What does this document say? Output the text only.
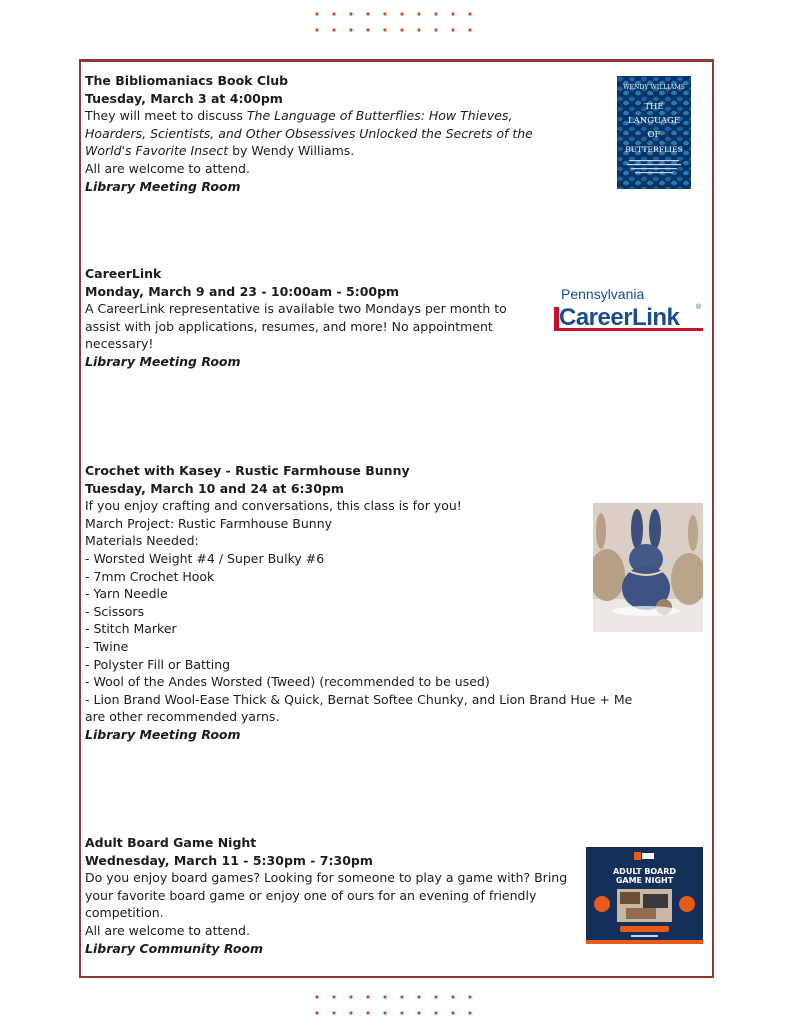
The Bibliomaniacs Book Club

Tuesday, March 3 at 4:00pm

They will meet to discuss The Language of Butterflies: How Thieves,

Hoarders, Scientists, and Other Obsessives Unlocked the Secrets of the

World's Favorite Insect by Wendy Williams.

All are welcome to attend.

Library Meeting Room

WENDY WILLIAMS
THE
LANGUAGE
OF
BUTTERFLIES

CareerLink

Monday, March 9 and 23 - 10:00am - 5:00pm

A CareerLink representative is available two Mondays per month to

assist with job applications, resumes, and more! No appointment

necessary!

Library Meeting Room

Pennsylvania
CareerLink ®

Crochet with Kasey - Rustic Farmhouse Bunny

Tuesday, March 10 and 24 at 6:30pm

If you enjoy crafting and conversations, this class is for you!

March Project: Rustic Farmhouse Bunny

Materials Needed:

- Worsted Weight #4 / Super Bulky #6

- 7mm Crochet Hook

- Yarn Needle

- Scissors

- Stitch Marker

- Twine

- Polyster Fill or Batting

- Wool of the Andes Worsted (Tweed) (recommended to be used)

- Lion Brand Wool-Ease Thick & Quick, Bernat Softee Chunky, and Lion Brand Hue + Me

are other recommended yarns.

Library Meeting Room

Adult Board Game Night

Wednesday, March 11 - 5:30pm - 7:30pm

Do you enjoy board games? Looking for someone to play a game with? Bring

your favorite board game or enjoy one of ours for an evening of friendly

competition.

All are welcome to attend.

Library Community Room

ADULT BOARD
GAME NIGHT
